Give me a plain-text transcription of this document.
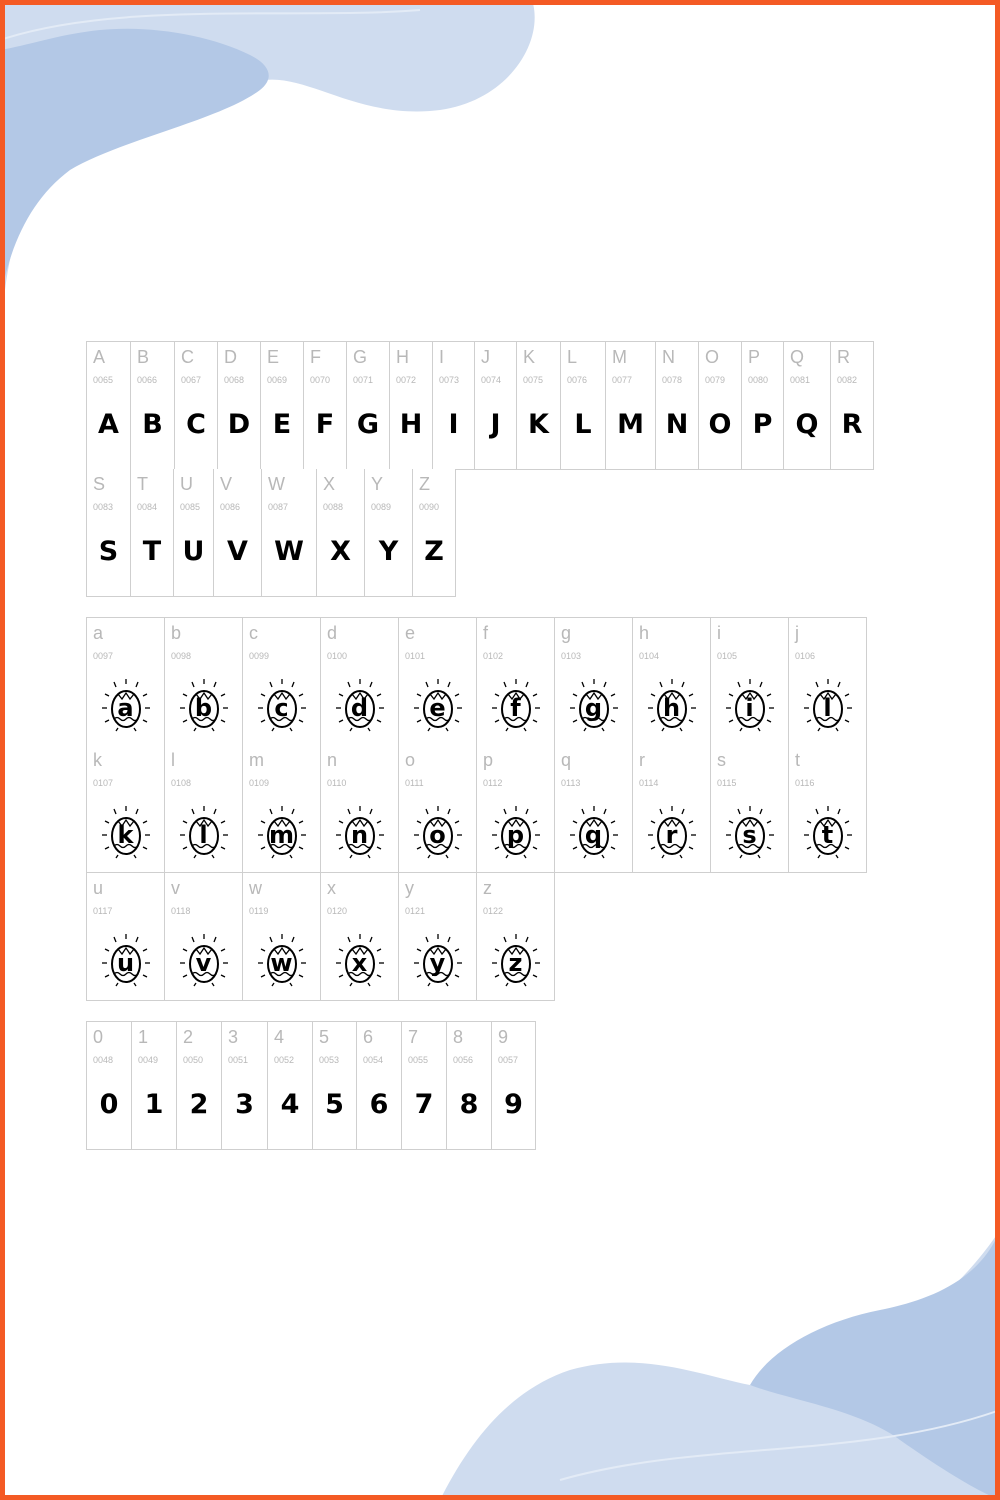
A
0065
A
B
0066
B
C
0067
C
D
0068
D
E
0069
E
F
0070
F
G
0071
G
H
0072
H
I
0073
I
J
0074
J
K
0075
K
L
0076
L
M
0077
M
N
0078
N
O
0079
O
P
0080
P
Q
0081
Q
R
0082
R
S
0083
S
T
0084
T
U
0085
U
V
0086
V
W
0087
W
X
0088
X
Y
0089
Y
Z
0090
Z
a
0097
a
b
0098
b
c
0099
c
d
0100
d
e
0101
e
f
0102
f
g
0103
g
h
0104
h
i
0105
i
j
0106
l
k
0107
k
l
0108
l
m
0109
m
n
0110
n
o
0111
o
p
0112
p
q
0113
q
r
0114
r
s
0115
s
t
0116
t
u
0117
u
v
0118
v
w
0119
w
x
0120
x
y
0121
y
z
0122
z
0
0048
0
1
0049
1
2
0050
2
3
0051
3
4
0052
4
5
0053
5
6
0054
6
7
0055
7
8
0056
8
9
0057
9
